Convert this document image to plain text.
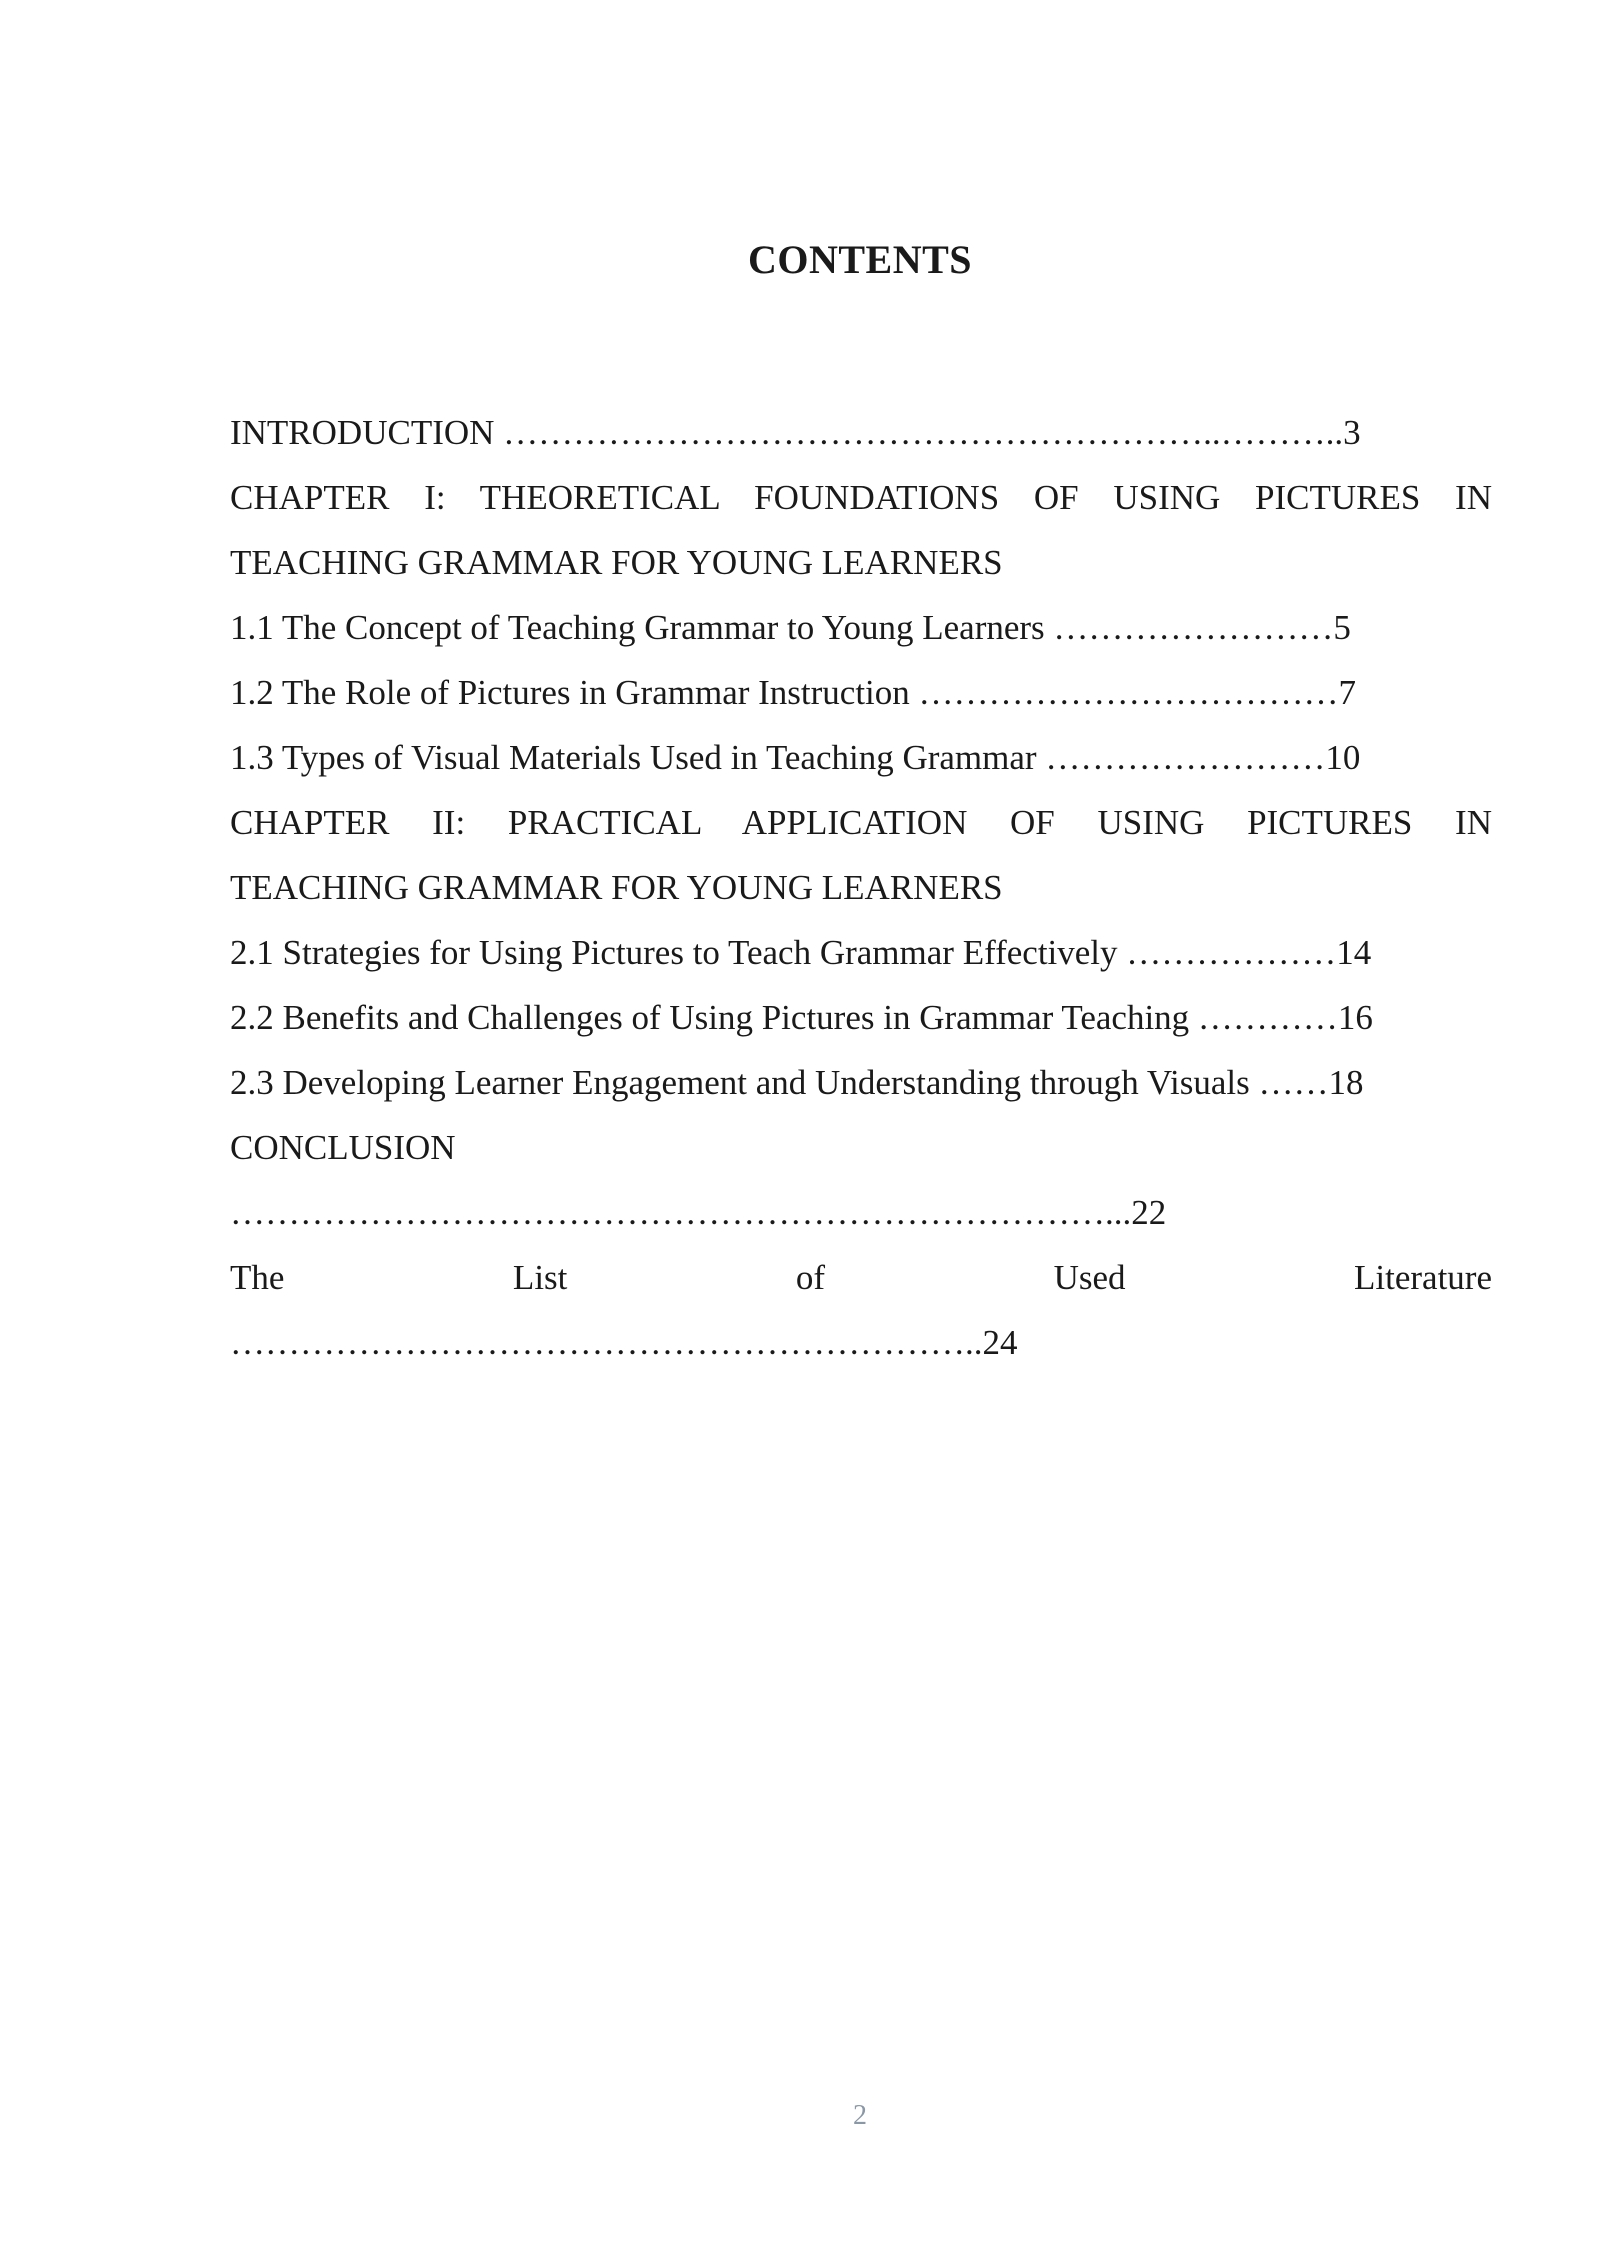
CONTENTS
INTRODUCTION ……………………………………………………..………..3
CHAPTER I: THEORETICAL FOUNDATIONS OF USING PICTURES IN
TEACHING GRAMMAR FOR YOUNG LEARNERS
1.1 The Concept of Teaching Grammar to Young Learners ……………………5
1.2 The Role of Pictures in Grammar Instruction ………………………………7
1.3 Types of Visual Materials Used in Teaching Grammar ……………………10
CHAPTER II: PRACTICAL APPLICATION OF USING PICTURES IN
TEACHING GRAMMAR FOR YOUNG LEARNERS
2.1 Strategies for Using Pictures to Teach Grammar Effectively ………………14
2.2 Benefits and Challenges of Using Pictures in Grammar Teaching …………16
2.3 Developing Learner Engagement and Understanding through Visuals ……18
CONCLUSION
…………………………………………………………………...22
The List of Used Literature
………………………………………………………..24
2
